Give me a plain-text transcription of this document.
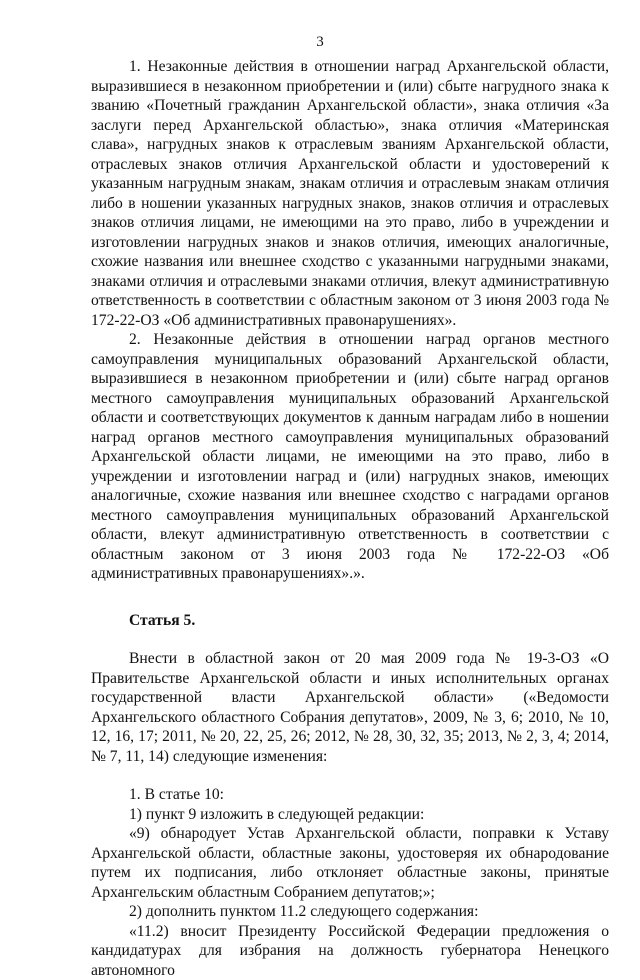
3

1. Незаконные действия в отношении наград Архангельской области, выразившиеся в незаконном приобретении и (или) сбыте нагрудного знака к званию «Почетный гражданин Архангельской области», знака отличия «За заслуги перед Архангельской областью», знака отличия «Материнская слава», нагрудных знаков к отраслевым званиям Архангельской области, отраслевых знаков отличия Архангельской области и удостоверений к указанным нагрудным знакам, знакам отличия и отраслевым знакам отличия либо в ношении указанных нагрудных знаков, знаков отличия и отраслевых знаков отличия лицами, не имеющими на это право, либо в учреждении и изготовлении нагрудных знаков и знаков отличия, имеющих аналогичные, схожие названия или внешнее сходство с указанными нагрудными знаками, знаками отличия и отраслевыми знаками отличия, влекут административную ответственность в соответствии с областным законом от 3 июня 2003 года № 172-22-ОЗ «Об административных правонарушениях».

2. Незаконные действия в отношении наград органов местного самоуправления муниципальных образований Архангельской области, выразившиеся в незаконном приобретении и (или) сбыте наград органов местного самоуправления муниципальных образований Архангельской области и соответствующих документов к данным наградам либо в ношении наград органов местного самоуправления муниципальных образований Архангельской области лицами, не имеющими на это право, либо в учреждении и изготовлении наград и (или) нагрудных знаков, имеющих аналогичные, схожие названия или внешнее сходство с наградами органов местного самоуправления муниципальных образований Архангельской области, влекут административную ответственность в соответствии с областным законом от 3 июня 2003 года № 172-22-ОЗ «Об административных правонарушениях».».

Статья 5.

Внести в областной закон от 20 мая 2009 года № 19-3-ОЗ «О Правительстве Архангельской области и иных исполнительных органах государственной власти Архангельской области» («Ведомости Архангельского областного Собрания депутатов», 2009, № 3, 6; 2010, № 10, 12, 16, 17; 2011, № 20, 22, 25, 26; 2012, № 28, 30, 32, 35; 2013, № 2, 3, 4; 2014, № 7, 11, 14) следующие изменения:

1. В статье 10:

1) пункт 9 изложить в следующей редакции:

«9) обнародует Устав Архангельской области, поправки к Уставу Архангельской области, областные законы, удостоверяя их обнародование путем их подписания, либо отклоняет областные законы, принятые Архангельским областным Собранием депутатов;»;

2) дополнить пунктом 11.2 следующего содержания:

«11.2) вносит Президенту Российской Федерации предложения о кандидатурах для избрания на должность губернатора Ненецкого автономного
